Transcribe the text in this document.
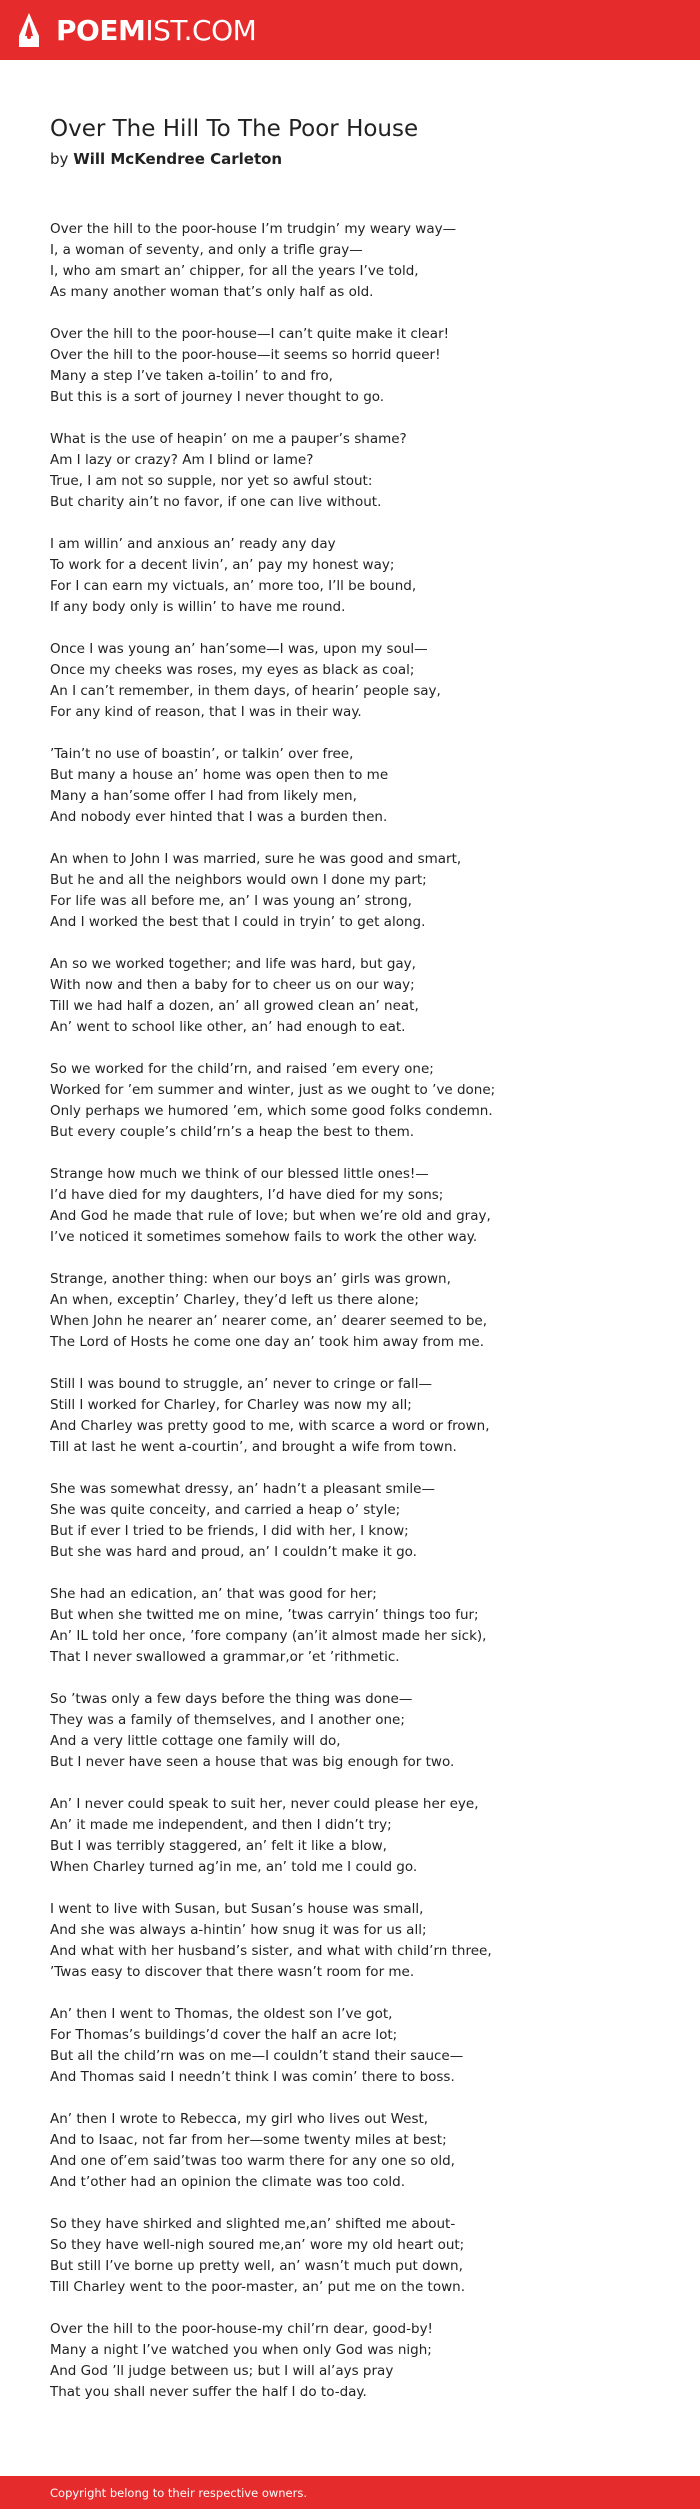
POEMIST.COM
Over The Hill To The Poor House
by Will McKendree Carleton
Over the hill to the poor-house I’m trudgin’ my weary way—
I, a woman of seventy, and only a trifle gray—
I, who am smart an’ chipper, for all the years I’ve told,
As many another woman that’s only half as old.
Over the hill to the poor-house—I can’t quite make it clear!
Over the hill to the poor-house—it seems so horrid queer!
Many a step I’ve taken a-toilin’ to and fro,
But this is a sort of journey I never thought to go.
What is the use of heapin’ on me a pauper’s shame?
Am I lazy or crazy? Am I blind or lame?
True, I am not so supple, nor yet so awful stout:
But charity ain’t no favor, if one can live without.
I am willin’ and anxious an’ ready any day
To work for a decent livin’, an’ pay my honest way;
For I can earn my victuals, an’ more too, I’ll be bound,
If any body only is willin’ to have me round.
Once I was young an’ han’some—I was, upon my soul—
Once my cheeks was roses, my eyes as black as coal;
An I can’t remember, in them days, of hearin’ people say,
For any kind of reason, that I was in their way.
’Tain’t no use of boastin’, or talkin’ over free,
But many a house an’ home was open then to me
Many a han’some offer I had from likely men,
And nobody ever hinted that I was a burden then.
An when to John I was married, sure he was good and smart,
But he and all the neighbors would own I done my part;
For life was all before me, an’ I was young an’ strong,
And I worked the best that I could in tryin’ to get along.
An so we worked together; and life was hard, but gay,
With now and then a baby for to cheer us on our way;
Till we had half a dozen, an’ all growed clean an’ neat,
An’ went to school like other, an’ had enough to eat.
So we worked for the child’rn, and raised ’em every one;
Worked for ’em summer and winter, just as we ought to ’ve done;
Only perhaps we humored ’em, which some good folks condemn.
But every couple’s child’rn’s a heap the best to them.
Strange how much we think of our blessed little ones!—
I’d have died for my daughters, I’d have died for my sons;
And God he made that rule of love; but when we’re old and gray,
I’ve noticed it sometimes somehow fails to work the other way.
Strange, another thing: when our boys an’ girls was grown,
An when, exceptin’ Charley, they’d left us there alone;
When John he nearer an’ nearer come, an’ dearer seemed to be,
The Lord of Hosts he come one day an’ took him away from me.
Still I was bound to struggle, an’ never to cringe or fall—
Still I worked for Charley, for Charley was now my all;
And Charley was pretty good to me, with scarce a word or frown,
Till at last he went a-courtin’, and brought a wife from town.
She was somewhat dressy, an’ hadn’t a pleasant smile—
She was quite conceity, and carried a heap o’ style;
But if ever I tried to be friends, I did with her, I know;
But she was hard and proud, an’ I couldn’t make it go.
She had an edication, an’ that was good for her;
But when she twitted me on mine, ’twas carryin’ things too fur;
An’ IL told her once, ’fore company (an’it almost made her sick),
That I never swallowed a grammar,or ’et ’rithmetic.
So ’twas only a few days before the thing was done—
They was a family of themselves, and I another one;
And a very little cottage one family will do,
But I never have seen a house that was big enough for two.
An’ I never could speak to suit her, never could please her eye,
An’ it made me independent, and then I didn’t try;
But I was terribly staggered, an’ felt it like a blow,
When Charley turned ag’in me, an’ told me I could go.
I went to live with Susan, but Susan’s house was small,
And she was always a-hintin’ how snug it was for us all;
And what with her husband’s sister, and what with child’rn three,
’Twas easy to discover that there wasn’t room for me.
An’ then I went to Thomas, the oldest son I’ve got,
For Thomas’s buildings’d cover the half an acre lot;
But all the child’rn was on me—I couldn’t stand their sauce—
And Thomas said I needn’t think I was comin’ there to boss.
An’ then I wrote to Rebecca, my girl who lives out West,
And to Isaac, not far from her—some twenty miles at best;
And one of’em said’twas too warm there for any one so old,
And t’other had an opinion the climate was too cold.
So they have shirked and slighted me,an’ shifted me about-
So they have well-nigh soured me,an’ wore my old heart out;
But still I’ve borne up pretty well, an’ wasn’t much put down,
Till Charley went to the poor-master, an’ put me on the town.
Over the hill to the poor-house-my chil’rn dear, good-by!
Many a night I’ve watched you when only God was nigh;
And God ’ll judge between us; but I will al’ays pray
That you shall never suffer the half I do to-day.
Copyright belong to their respective owners.
